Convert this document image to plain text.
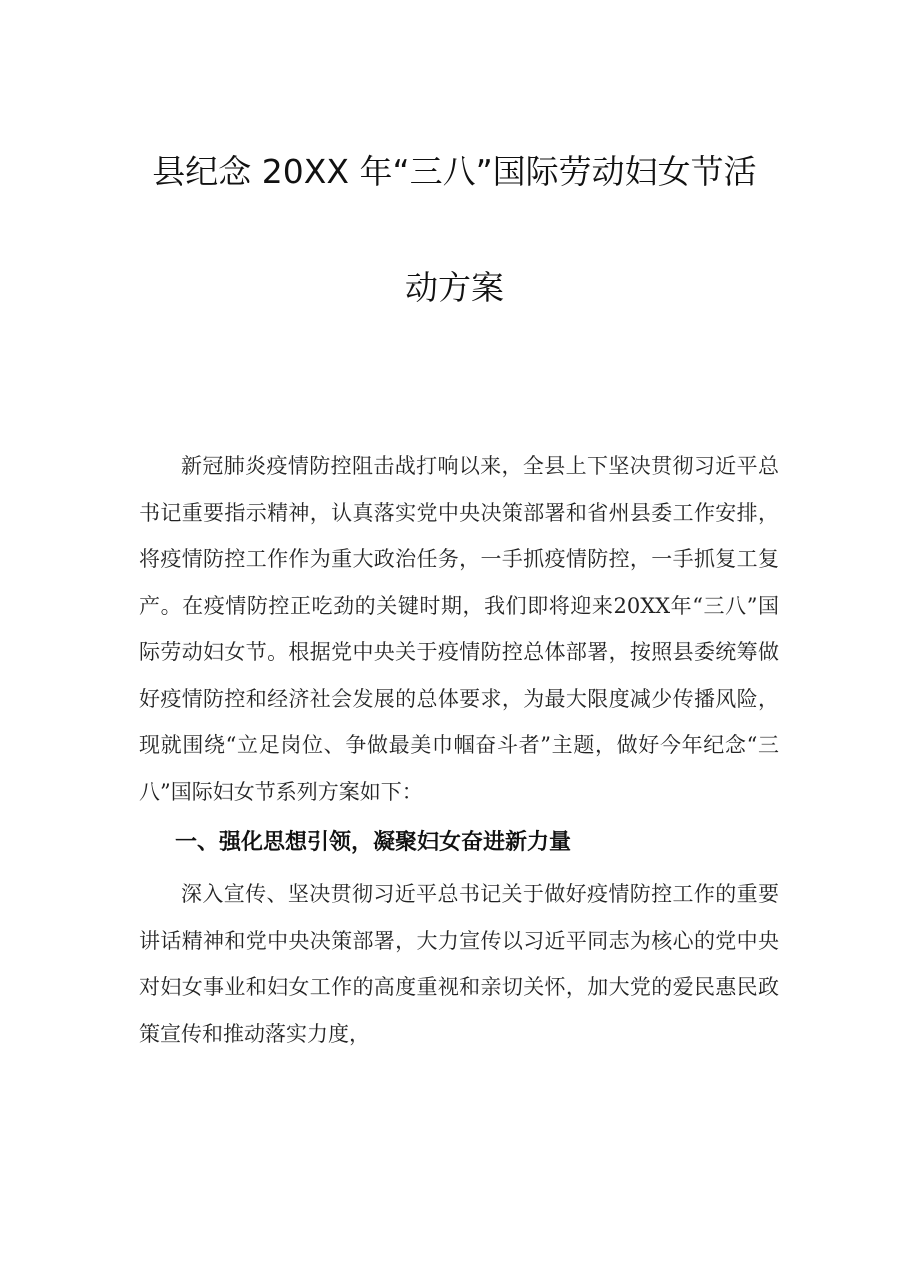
县纪念 20XX 年“三八”国际劳动妇女节活
动方案

新冠肺炎疫情防控阻击战打响以来，全县上下坚决贯彻习近平总书记重要指示精神，认真落实党中央决策部署和省州县委工作安排，将疫情防控工作作为重大政治任务，一手抓疫情防控，一手抓复工复产。在疫情防控正吃劲的关键时期，我们即将迎来20XX年“三八”国际劳动妇女节。根据党中央关于疫情防控总体部署，按照县委统筹做好疫情防控和经济社会发展的总体要求，为最大限度减少传播风险，现就围绕“立足岗位、争做最美巾帼奋斗者”主题，做好今年纪念“三八”国际妇女节系列方案如下：

一、强化思想引领，凝聚妇女奋进新力量

深入宣传、坚决贯彻习近平总书记关于做好疫情防控工作的重要讲话精神和党中央决策部署，大力宣传以习近平同志为核心的党中央对妇女事业和妇女工作的高度重视和亲切关怀，加大党的爱民惠民政策宣传和推动落实力度，
